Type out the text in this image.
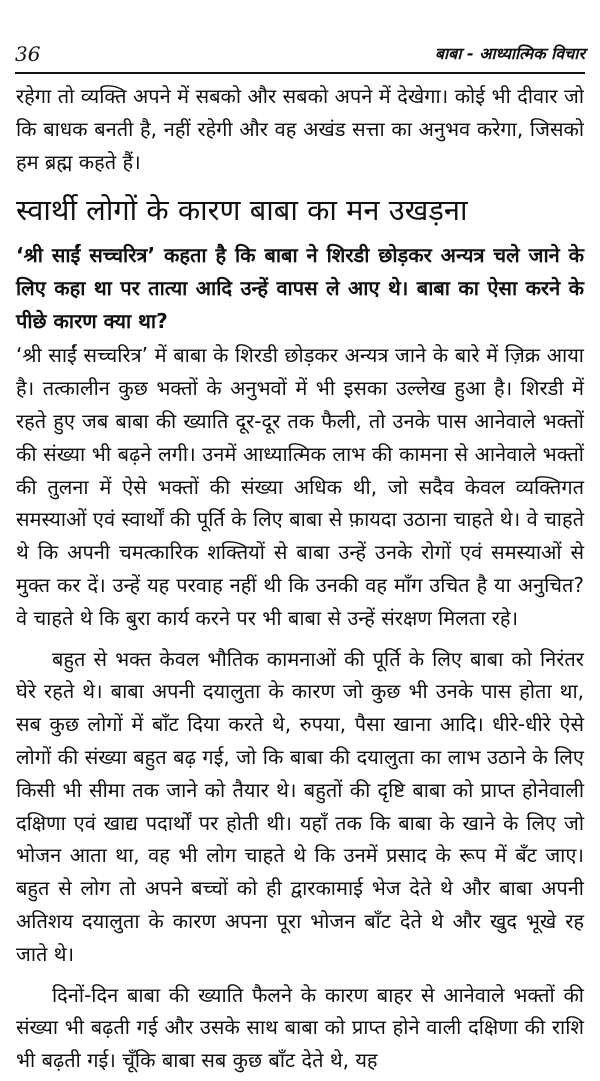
36	बाबा - आध्यात्मिक विचार

रहेगा तो व्यक्ति अपने में सबको और सबको अपने में देखेगा। कोई भी दीवार जो कि बाधक बनती है, नहीं रहेगी और वह अखंड सत्ता का अनुभव करेगा, जिसको हम ब्रह्म कहते हैं।

स्वार्थी लोगों के कारण बाबा का मन उखड़ना

‘श्री साईं सच्चरित्र’ कहता है कि बाबा ने शिरडी छोड़कर अन्यत्र चले जाने के लिए कहा था पर तात्या आदि उन्हें वापस ले आए थे। बाबा का ऐसा करने के पीछे कारण क्या था?

‘श्री साईं सच्चरित्र’ में बाबा के शिरडी छोड़कर अन्यत्र जाने के बारे में ज़िक्र आया है। तत्कालीन कुछ भक्तों के अनुभवों में भी इसका उल्लेख हुआ है। शिरडी में रहते हुए जब बाबा की ख्याति दूर-दूर तक फैली, तो उनके पास आनेवाले भक्तों की संख्या भी बढ़ने लगी। उनमें आध्यात्मिक लाभ की कामना से आनेवाले भक्तों की तुलना में ऐसे भक्तों की संख्या अधिक थी, जो सदैव केवल व्यक्तिगत समस्याओं एवं स्वार्थों की पूर्ति के लिए बाबा से फ़ायदा उठाना चाहते थे। वे चाहते थे कि अपनी चमत्कारिक शक्तियों से बाबा उन्हें उनके रोगों एवं समस्याओं से मुक्त कर दें। उन्हें यह परवाह नहीं थी कि उनकी वह माँग उचित है या अनुचित? वे चाहते थे कि बुरा कार्य करने पर भी बाबा से उन्हें संरक्षण मिलता रहे।

बहुत से भक्त केवल भौतिक कामनाओं की पूर्ति के लिए बाबा को निरंतर घेरे रहते थे। बाबा अपनी दयालुता के कारण जो कुछ भी उनके पास होता था, सब कुछ लोगों में बाँट दिया करते थे, रुपया, पैसा खाना आदि। धीरे-धीरे ऐसे लोगों की संख्या बहुत बढ़ गई, जो कि बाबा की दयालुता का लाभ उठाने के लिए किसी भी सीमा तक जाने को तैयार थे। बहुतों की दृष्टि बाबा को प्राप्त होनेवाली दक्षिणा एवं खाद्य पदार्थों पर होती थी। यहाँ तक कि बाबा के खाने के लिए जो भोजन आता था, वह भी लोग चाहते थे कि उनमें प्रसाद के रूप में बँट जाए। बहुत से लोग तो अपने बच्चों को ही द्वारकामाई भेज देते थे और बाबा अपनी अतिशय दयालुता के कारण अपना पूरा भोजन बाँट देते थे और खुद भूखे रह जाते थे।

दिनों-दिन बाबा की ख्याति फैलने के कारण बाहर से आनेवाले भक्तों की संख्या भी बढ़ती गई और उसके साथ बाबा को प्राप्त होने वाली दक्षिणा की राशि भी बढ़ती गई। चूँकि बाबा सब कुछ बाँट देते थे, यह
